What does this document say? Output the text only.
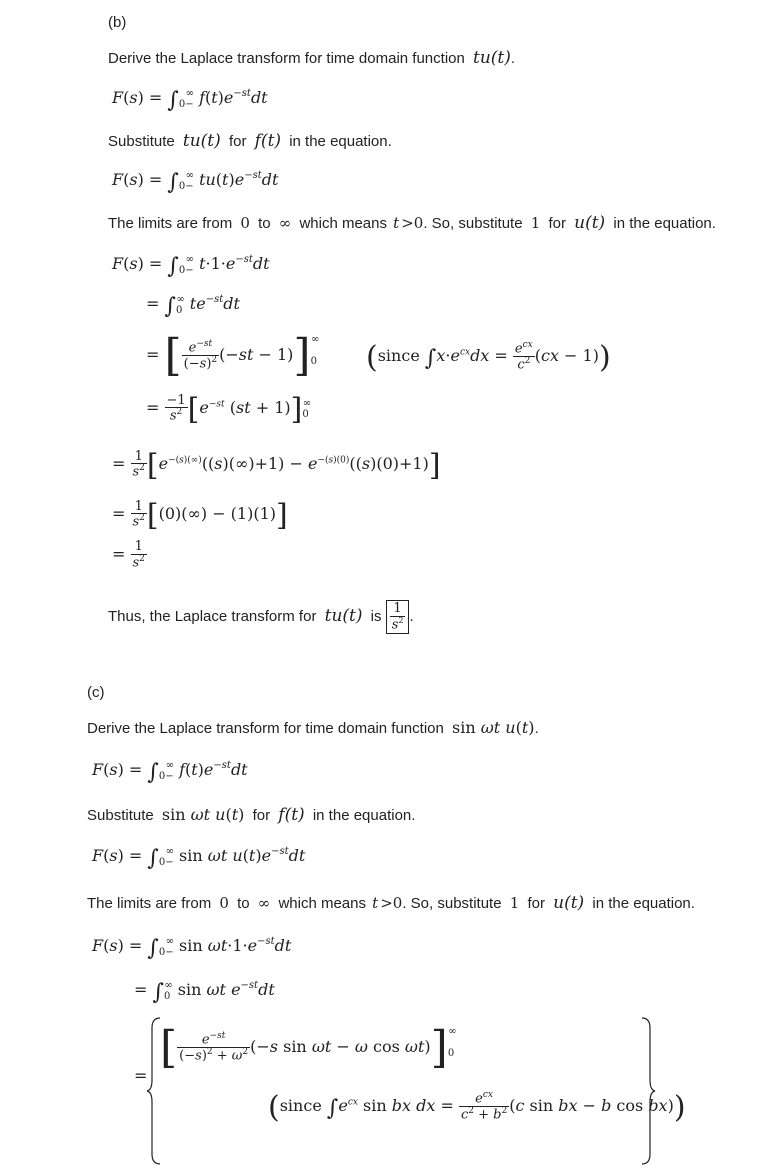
(b)
Derive the Laplace transform for time domain function tu(t).
$F(s) = \int_{0-}^\infty$ $f(t)e^{-st}dt$
Substitute tu(t) for f(t) in the equation.
$F(s) = \int_{0-}^\infty$ $tu(t)e^{-st}dt$
The limits are from 0 to ∞ which means t >0. So, substitute 1 for u(t) in the equation.
$F(s) = \int_{0-}^\infty$ $t\cdot 1\cdot e^{-st}dt$
= $\int_0^\infty$ $te^{-st}dt$
= [ $\frac{e^{-st}}{(-s)^2} (-st - 1)]_0^\infty$
(since $\int x\cdot e^{cx}dx = \frac{e^{cx}}{c^2} (cx - 1)$)
= $\frac{-1}{s^2} [e^{-st}$ $(st + 1)]_0^\infty$
= $\frac{1}{s^2} [e^{-(s)(\infty)}((s)(\infty)+1) - e^{-(s)(0)}((s)(0)+1)]$
= $\frac{1}{s^2} [(0)(\infty) - (1)(1)]$
= $\frac{1}{s^2}$
Thus, the Laplace transform for tu(t) is $\frac{1}{s^2}$ .
(c)
Derive the Laplace transform for time domain function sin ωt u(t).
$F(s) = \int_{0-}^\infty$ $f(t)e^{-st}dt$
Substitute sin ωt u(t) for f(t) in the equation.
$F(s) = \int_{0-}^\infty$ sin ωt $u(t)e^{-st}dt$
The limits are from 0 to ∞ which means t >0. So, substitute 1 for u(t) in the equation.
$F(s) = \int_{0-}^\infty$ $\sin \omega t\cdot 1\cdot e^{-st}dt$
= $\int_0^\infty$ sin ωt $e^{-st}dt$
=
[ $\frac{e^{-st}}{(-s)^2 + \omega^2} (-s$ sin ωt − ω $\cos \omega t)]_0^\infty$
(since $\int e^{cx}$ sin bx dx = $\frac{e^{cx}}{c^2 + b^2} (c$ sin bx − b cos bx))
